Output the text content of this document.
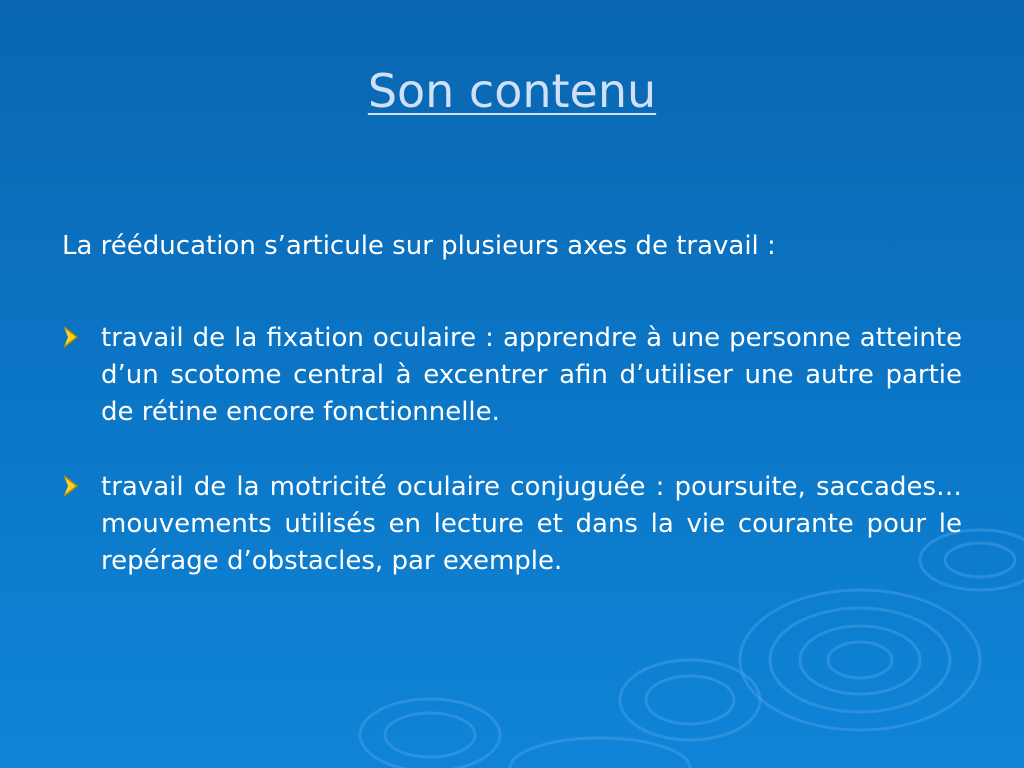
Son contenu

La rééducation s’articule sur plusieurs axes de travail :

travail de la fixation oculaire : apprendre à une personne atteinte d’un scotome central à excentrer afin d’utiliser une autre partie de rétine encore fonctionnelle.
travail de la motricité oculaire conjuguée : poursuite, saccades… mouvements utilisés en lecture et dans la vie courante pour le repérage d’obstacles, par exemple.
